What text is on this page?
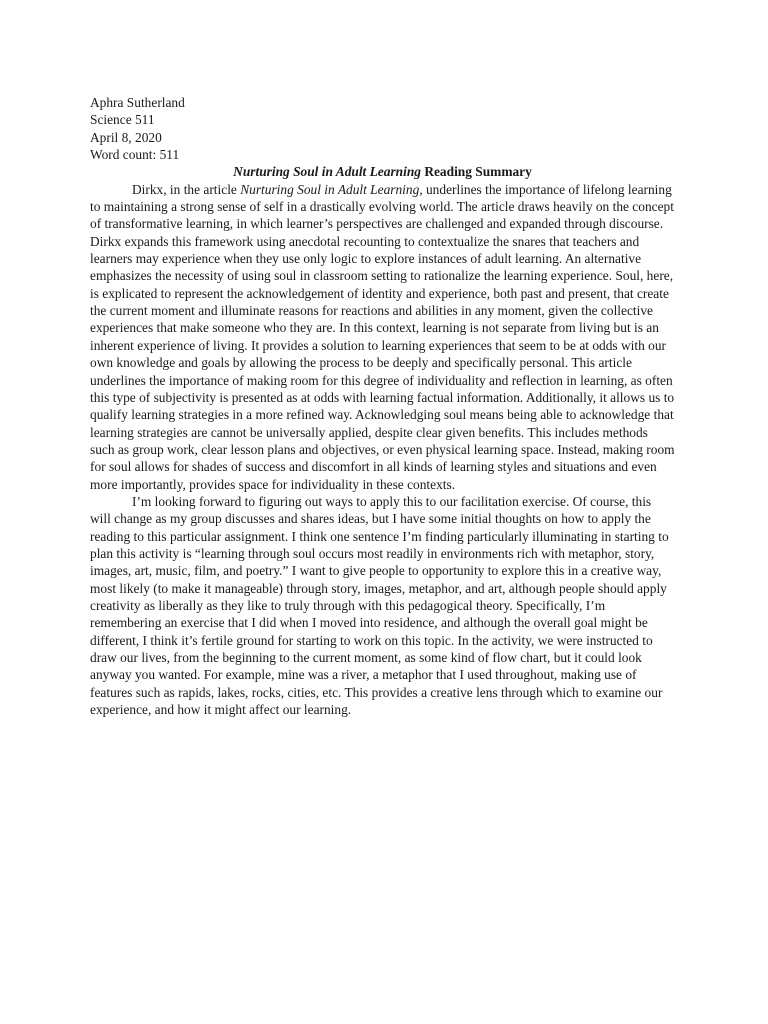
Aphra Sutherland

Science 511

April 8, 2020

Word count: 511

Nurturing Soul in Adult Learning Reading Summary

Dirkx, in the article Nurturing Soul in Adult Learning, underlines the importance of lifelong learning to maintaining a strong sense of self in a drastically evolving world. The article draws heavily on the concept of transformative learning, in which learner’s perspectives are challenged and expanded through discourse. Dirkx expands this framework using anecdotal recounting to contextualize the snares that teachers and learners may experience when they use only logic to explore instances of adult learning. An alternative emphasizes the necessity of using soul in classroom setting to rationalize the learning experience. Soul, here, is explicated to represent the acknowledgement of identity and experience, both past and present, that create the current moment and illuminate reasons for reactions and abilities in any moment, given the collective experiences that make someone who they are. In this context, learning is not separate from living but is an inherent experience of living. It provides a solution to learning experiences that seem to be at odds with our own knowledge and goals by allowing the process to be deeply and specifically personal. This article underlines the importance of making room for this degree of individuality and reflection in learning, as often this type of subjectivity is presented as at odds with learning factual information. Additionally, it allows us to qualify learning strategies in a more refined way. Acknowledging soul means being able to acknowledge that learning strategies are cannot be universally applied, despite clear given benefits. This includes methods such as group work, clear lesson plans and objectives, or even physical learning space. Instead, making room for soul allows for shades of success and discomfort in all kinds of learning styles and situations and even more importantly, provides space for individuality in these contexts.

I’m looking forward to figuring out ways to apply this to our facilitation exercise. Of course, this will change as my group discusses and shares ideas, but I have some initial thoughts on how to apply the reading to this particular assignment. I think one sentence I’m finding particularly illuminating in starting to plan this activity is “learning through soul occurs most readily in environments rich with metaphor, story, images, art, music, film, and poetry.” I want to give people to opportunity to explore this in a creative way, most likely (to make it manageable) through story, images, metaphor, and art, although people should apply creativity as liberally as they like to truly through with this pedagogical theory. Specifically, I’m remembering an exercise that I did when I moved into residence, and although the overall goal might be different, I think it’s fertile ground for starting to work on this topic. In the activity, we were instructed to draw our lives, from the beginning to the current moment, as some kind of flow chart, but it could look anyway you wanted. For example, mine was a river, a metaphor that I used throughout, making use of features such as rapids, lakes, rocks, cities, etc. This provides a creative lens through which to examine our experience, and how it might affect our learning.
